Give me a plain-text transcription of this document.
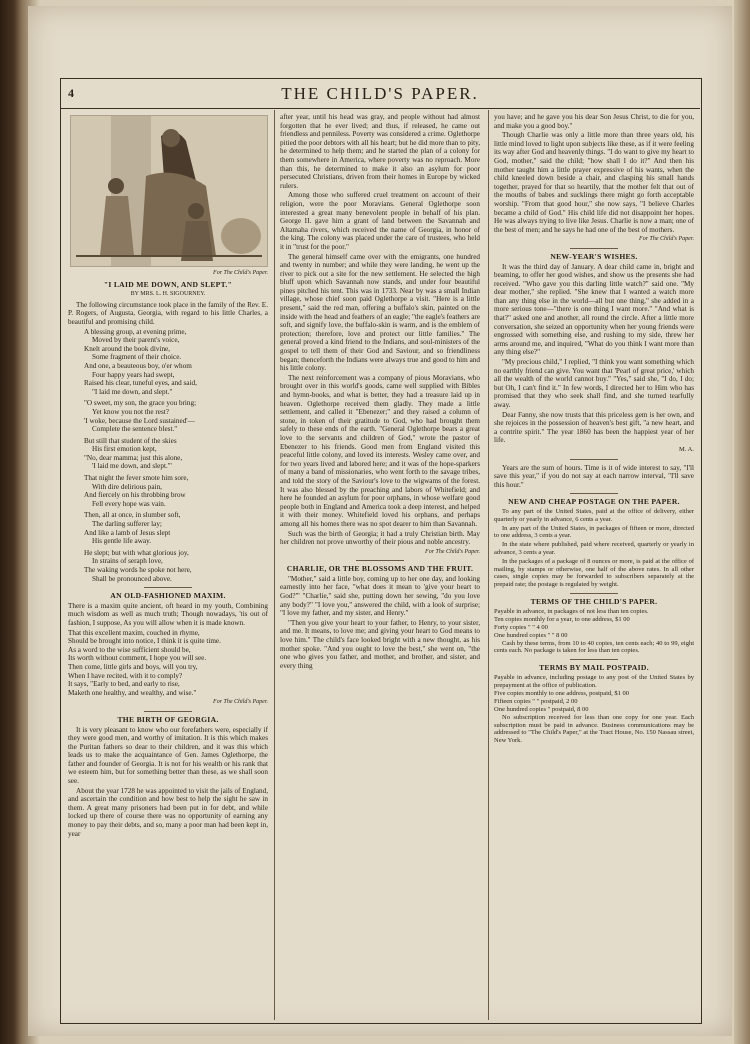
4	THE CHILD'S PAPER.
For The Child's Paper.
"I LAID ME DOWN, AND SLEPT."
BY MRS. L. H. SIGOURNEY.

The following circumstance took place in the family of the Rev. E. P. Rogers, of Augusta, Georgia, with regard to his little Charles, a beautiful and promising child.

A blessing group, at evening prime,
Moved by their parent's voice,
Knelt around the book divine,
Some fragment of their choice.
And one, a beauteous boy, o'er whom
Four happy years had swept,
Raised his clear, tuneful eyes, and said,
"I laid me down, and slept."
"O sweet, my son, the grace you bring;
Yet know you not the rest?
'I woke, because the Lord sustained'—
Complete the sentence blest."
But still that student of the skies
His first emotion kept,
"No, dear mamma; just this alone,
'I laid me down, and slept.'"
That night the fever smote him sore,
With dire delirious pain,
And fiercely on his throbbing brow
Fell every hope was vain.
Then, all at once, in slumber soft,
The darling sufferer lay;
And like a lamb of Jesus slept
His gentle life away.
He slept; but with what glorious joy,
In strains of seraph love,
The waking words he spoke not here,
Shall be pronounced above.
AN OLD-FASHIONED MAXIM.

There is a maxim quite ancient, oft heard in my youth, Combining much wisdom as well as much truth; Though nowadays, 'tis out of fashion, I suppose, As you will allow when it is made known.

That this excellent maxim, couched in rhyme,
Should be brought into notice, I think it is quite time.
As a word to the wise sufficient should be,
Its worth without comment, I hope you will see.
Then come, little girls and boys, will you try,
When I have recited, with it to comply?
It says, "Early to bed, and early to rise,
Maketh one healthy, and wealthy, and wise."
For The Child's Paper.
THE BIRTH OF GEORGIA.

It is very pleasant to know who our forefathers were, especially if they were good men, and worthy of imitation. It is this which makes the Puritan fathers so dear to their children, and it was this which leads us to make the acquaintance of Gen. James Oglethorpe, the father and founder of Georgia. It is not for his wealth or his rank that we esteem him, but for something better than these, as we shall soon see.

About the year 1728 he was appointed to visit the jails of England, and ascertain the condition and how best to help the sight he saw in them. A great many prisoners had been put in for debt, and while locked up there of course there was no opportunity of earning any money to pay their debts, and so, many a poor man had been kept in, year

after year, until his head was gray, and people without had almost forgotten that he ever lived; and thus, if released, he came out friendless and penniless. Poverty was considered a crime. Oglethorpe pitied the poor debtors with all his heart; but he did more than to pity, he determined to help them; and he started the plan of a colony for them somewhere in America, where poverty was no reproach. More than this, he determined to make it also an asylum for poor persecuted Christians, driven from their homes in Europe by wicked rulers.

Among those who suffered cruel treatment on account of their religion, were the poor Moravians. General Oglethorpe soon interested a great many benevolent people in behalf of his plan. George II. gave him a grant of land between the Savannah and Altamaha rivers, which received the name of Georgia, in honor of the king. The colony was placed under the care of trustees, who held it in "trust for the poor."

The general himself came over with the emigrants, one hundred and twenty in number; and while they were landing, he went up the river to pick out a site for the new settlement. He selected the high bluff upon which Savannah now stands, and under four beautiful pines pitched his tent. This was in 1733. Near by was a small Indian village, whose chief soon paid Oglethorpe a visit. "Here is a little present," said the red man, offering a buffalo's skin, painted on the inside with the head and feathers of an eagle; "the eagle's feathers are soft, and signify love, the buffalo-skin is warm, and is the emblem of protection; therefore, love and protect our little families." The general proved a kind friend to the Indians, and soul-ministers of the gospel to tell them of their God and Saviour, and so friendliness began; thenceforth the Indians were always true and good to him and his little colony.

The next reinforcement was a company of pious Moravians, who brought over in this world's goods, came well supplied with Bibles and hymn-books, and what is better, they had a treasure laid up in heaven. Oglethorpe received them gladly. They made a little settlement, and called it "Ebenezer;" and they raised a column of stone, in token of their gratitude to God, who had brought them safely to these ends of the earth. "General Oglethorpe bears a great love to the servants and children of God," wrote the pastor of Ebenezer to his friends. Good men from England visited this peaceful little colony, and loved its interests. Wesley came over, and for two years lived and labored here; and it was of the hope-sparkers of many a band of missionaries, who went forth to the savage tribes, and told the story of the Saviour's love to the wigwams of the forest. It was also blessed by the preaching and labors of Whitefield; and here he founded an asylum for poor orphans, in whose welfare good people both in England and America took a deep interest, and helped it with their money. Whitefield loved his orphans, and perhaps among all his homes there was no spot dearer to him than Savannah.

Such was the birth of Georgia; it had a truly Christian birth. May her children not prove unworthy of their pious and noble ancestry.

For The Child's Paper.
CHARLIE, OR THE BLOSSOMS AND THE FRUIT.

"Mother," said a little boy, coming up to her one day, and looking earnestly into her face, "what does it mean to 'give your heart to God?'" "Charlie," said she, putting down her sewing, "do you love any body?" "I love you," answered the child, with a look of surprise; "I love my father, and my sister, and Henry."

"Then you give your heart to your father, to Henry, to your sister, and me. It means, to love me; and giving your heart to God means to love him." The child's face looked bright with a new thought, as his mother spoke. "And you ought to love the best," she went on, "the one who gives you father, and mother, and brother, and sister, and every thing

you have; and he gave you his dear Son Jesus Christ, to die for you, and make you a good boy."

Though Charlie was only a little more than three years old, his little mind loved to light upon subjects like these, as if it were feeling its way after God and heavenly things. "I do want to give my heart to God, mother," said the child; "how shall I do it?" And then his mother taught him a little prayer expressive of his wants, when the child kneeled down beside a chair, and clasping his small hands together, prayed for that so heartily, that the mother felt that out of the mouths of babes and sucklings there might go forth acceptable worship. "From that good hour," she now says, "I believe Charles became a child of God." His child life did not disappoint her hopes. He was always trying to live like Jesus. Charlie is now a man; one of the best of men; and he says he had one of the best of mothers.

For The Child's Paper.
NEW-YEAR'S WISHES.

It was the third day of January. A dear child came in, bright and beaming, to offer her good wishes, and show us the presents she had received. "Who gave you this darling little watch?" said one. "My dear mother," she replied. "She knew that I wanted a watch more than any thing else in the world—all but one thing," she added in a more serious tone—"there is one thing I want more." "And what is that?" asked one and another, all round the circle. After a little more conversation, she seized an opportunity when her young friends were engrossed with something else, and rushing to my side, threw her arms around me, and inquired, "What do you think I want more than any thing else?"

"My precious child," I replied, "I think you want something which no earthly friend can give. You want that 'Pearl of great price,' which all the wealth of the world cannot buy." "Yes," said she, "I do, I do; but Oh, I can't find it." In few words, I directed her to Him who has promised that they who seek shall find, and she turned tearfully away.

Dear Fanny, she now trusts that this priceless gem is her own, and she rejoices in the possession of heaven's best gift, "a new heart, and a contrite spirit." The year 1860 has been the happiest year of her life.

M. A.

Years are the sum of hours. Time is it of wide interest to say, "I'll save this year," if you do not say at each narrow interval, "I'll save this hour."

NEW AND CHEAP POSTAGE ON THE PAPER.

To any part of the United States, paid at the office of delivery, either quarterly or yearly in advance, 6 cents a year.

In any part of the United States, in packages of fifteen or more, directed to one address, 3 cents a year.

In the state where published, paid where received, quarterly or yearly in advance, 3 cents a year.

In the packages of a package of 8 ounces or more, is paid at the office of mailing, by stamps or otherwise, one half of the above rates. In all other cases, single copies may be forwarded to subscribers separately at the prepaid rate; the postage is regulated by weight.

TERMS OF THE CHILD'S PAPER.

Payable in advance, in packages of not less than ten copies.

Ten copies monthly for a year, to one address, $1 00
Forty copies " " 4 00
One hundred copies " " 8 00

Cash by these terms, from 10 to 40 copies, ten cents each; 40 to 99, eight cents each. No package is taken for less than ten copies.

TERMS BY MAIL POSTPAID.

Payable in advance, including postage to any post of the United States by prepayment at the office of publication.

Five copies monthly to one address, postpaid, $1 00
Fifteen copies " " postpaid, 2 00
One hundred copies " postpaid, 8 00

No subscription received for less than one copy for one year. Each subscription must be paid in advance. Business communications may be addressed to "The Child's Paper," at the Tract House, No. 150 Nassau street, New York.
